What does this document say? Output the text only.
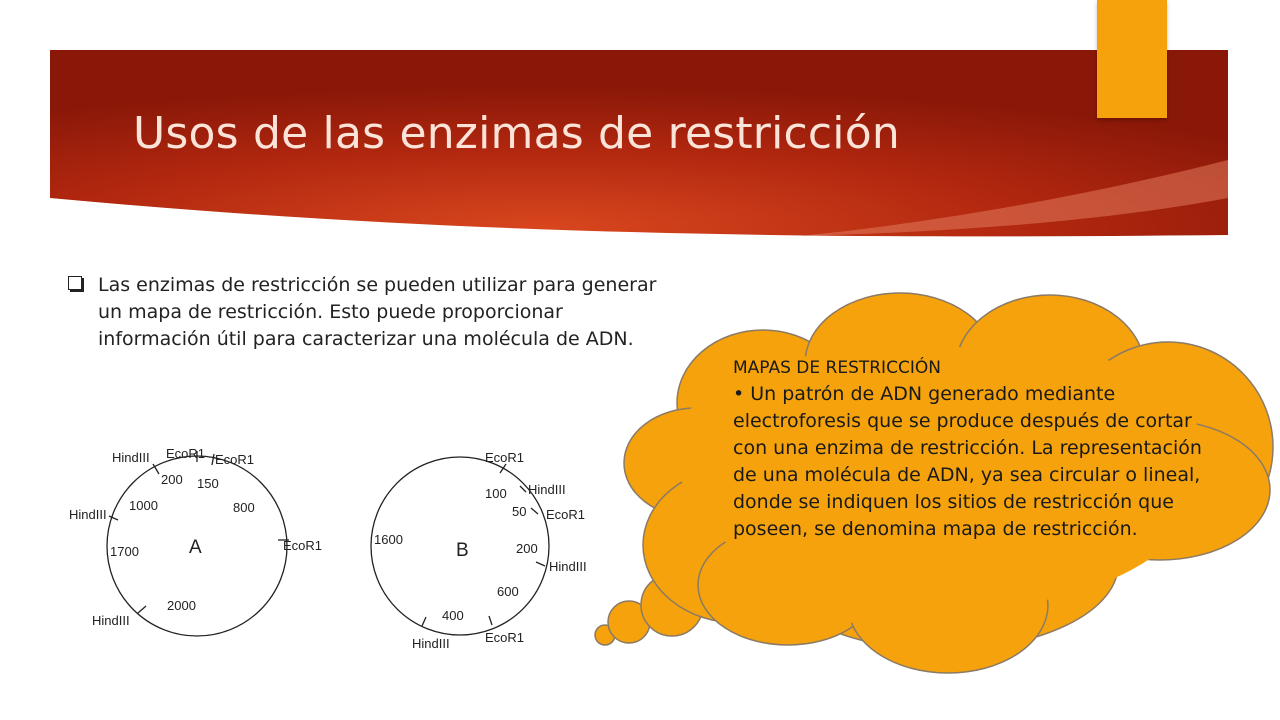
Usos de las enzimas de restricción

Las enzimas de restricción se pueden utilizar para generar un mapa de restricción. Esto puede proporcionar información útil para caracterizar una molécula de ADN.

HindIII EcoR1 EcoR1
HindIII
EcoR1
HindIII
200 150
800
1000
1700
2000
A
EcoR1
HindIII
EcoR1
HindIII
EcoR1
HindIII
100
50
200
600
400
1600
B

MAPAS DE RESTRICCIÓN

• Un patrón de ADN generado mediante electroforesis que se produce después de cortar con una enzima de restricción. La representación de una molécula de ADN, ya sea circular o lineal, donde se indiquen los sitios de restricción que poseen, se denomina mapa de restricción.
